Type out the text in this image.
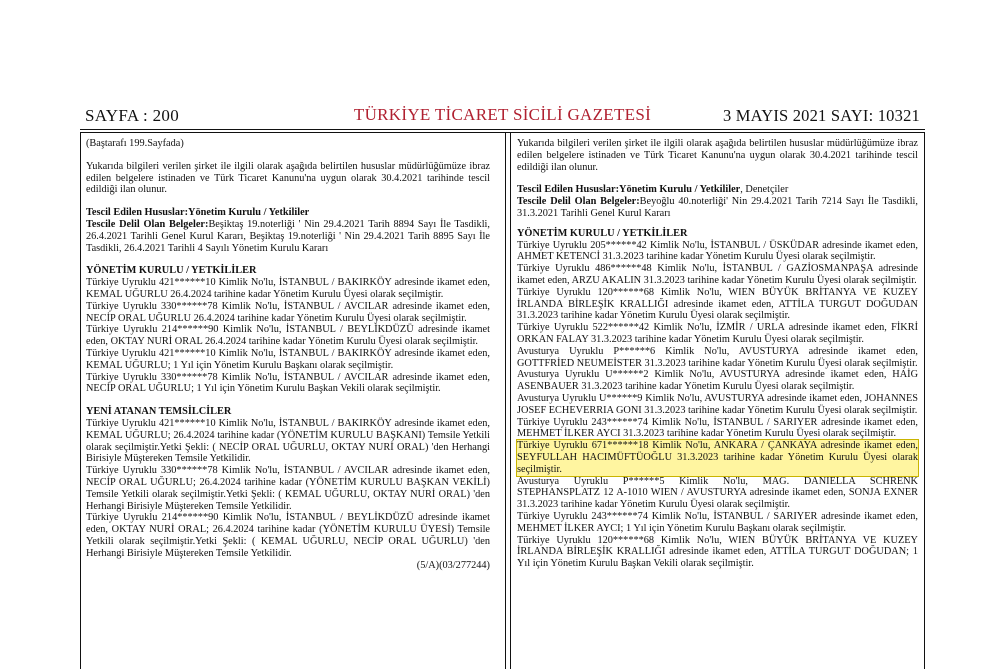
TÜRKİYE TİCARET SİCİLİ GAZETESİ
SAYFA : 200	3 MAYIS 2021 SAYI: 10321

(Baştarafı 199.Sayfada)

Yukarıda bilgileri verilen şirket ile ilgili olarak aşağıda belirtilen hususlar müdürlüğümüze ibraz edilen belgelere istinaden ve Türk Ticaret Kanunu'na uygun olarak 30.4.2021 tarihinde tescil edildiği ilan olunur.

Tescil Edilen Hususlar:Yönetim Kurulu / Yetkililer

Tescile Delil Olan Belgeler:Beşiktaş 19.noterliği ' Nin 29.4.2021 Tarih 8894 Sayı İle Tasdikli, 26.4.2021 Tarihli Genel Kurul Kararı, Beşiktaş 19.noterliği ' Nin 29.4.2021 Tarih 8895 Sayı İle Tasdikli, 26.4.2021 Tarihli 4 Sayılı Yönetim Kurulu Kararı

YÖNETİM KURULU / YETKİLİLER

Türkiye Uyruklu 421******10 Kimlik No'lu, İSTANBUL / BAKIRKÖY adresinde ikamet eden, KEMAL UĞURLU 26.4.2024 tarihine kadar Yönetim Kurulu Üyesi olarak seçilmiştir.

Türkiye Uyruklu 330******78 Kimlik No'lu, İSTANBUL / AVCILAR adresinde ikamet eden, NECİP ORAL UĞURLU 26.4.2024 tarihine kadar Yönetim Kurulu Üyesi olarak seçilmiştir.

Türkiye Uyruklu 214******90 Kimlik No'lu, İSTANBUL / BEYLİKDÜZÜ adresinde ikamet eden, OKTAY NURİ ORAL 26.4.2024 tarihine kadar Yönetim Kurulu Üyesi olarak seçilmiştir.

Türkiye Uyruklu 421******10 Kimlik No'lu, İSTANBUL / BAKIRKÖY adresinde ikamet eden, KEMAL UĞURLU; 1 Yıl için Yönetim Kurulu Başkanı olarak seçilmiştir.

Türkiye Uyruklu 330******78 Kimlik No'lu, İSTANBUL / AVCILAR adresinde ikamet eden, NECİP ORAL UĞURLU; 1 Yıl için Yönetim Kurulu Başkan Vekili olarak seçilmiştir.

YENİ ATANAN TEMSİLCİLER

Türkiye Uyruklu 421******10 Kimlik No'lu, İSTANBUL / BAKIRKÖY adresinde ikamet eden, KEMAL UĞURLU; 26.4.2024 tarihine kadar (YÖNETİM KURULU BAŞKANI) Temsile Yetkili olarak seçilmiştir.Yetki Şekli: ( NECİP ORAL UĞURLU, OKTAY NURİ ORAL) 'den Herhangi Birisiyle Müştereken Temsile Yetkilidir.

Türkiye Uyruklu 330******78 Kimlik No'lu, İSTANBUL / AVCILAR adresinde ikamet eden, NECİP ORAL UĞURLU; 26.4.2024 tarihine kadar (YÖNETİM KURULU BAŞKAN VEKİLİ) Temsile Yetkili olarak seçilmiştir.Yetki Şekli: ( KEMAL UĞURLU, OKTAY NURİ ORAL) 'den Herhangi Birisiyle Müştereken Temsile Yetkilidir.

Türkiye Uyruklu 214******90 Kimlik No'lu, İSTANBUL / BEYLİKDÜZÜ adresinde ikamet eden, OKTAY NURİ ORAL; 26.4.2024 tarihine kadar (YÖNETİM KURULU ÜYESİ) Temsile Yetkili olarak seçilmiştir.Yetki Şekli: ( KEMAL UĞURLU, NECİP ORAL UĞURLU) 'den Herhangi Birisiyle Müştereken Temsile Yetkilidir.

(5/A)(03/277244)

Yukarıda bilgileri verilen şirket ile ilgili olarak aşağıda belirtilen hususlar müdürlüğümüze ibraz edilen belgelere istinaden ve Türk Ticaret Kanunu'na uygun olarak 30.4.2021 tarihinde tescil edildiği ilan olunur.

Tescil Edilen Hususlar:Yönetim Kurulu / Yetkililer, Denetçiler

Tescile Delil Olan Belgeler:Beyoğlu 40.noterliği' Nin 29.4.2021 Tarih 7214 Sayı İle Tasdikli, 31.3.2021 Tarihli Genel Kurul Kararı

YÖNETİM KURULU / YETKİLİLER

Türkiye Uyruklu 205******42 Kimlik No'lu, İSTANBUL / ÜSKÜDAR adresinde ikamet eden, AHMET KETENCİ 31.3.2023 tarihine kadar Yönetim Kurulu Üyesi olarak seçilmiştir.

Türkiye Uyruklu 486******48 Kimlik No'lu, İSTANBUL / GAZİOSMANPAŞA adresinde ikamet eden, ARZU AKALIN 31.3.2023 tarihine kadar Yönetim Kurulu Üyesi olarak seçilmiştir.

Türkiye Uyruklu 120******68 Kimlik No'lu, WIEN BÜYÜK BRİTANYA VE KUZEY İRLANDA BİRLEŞİK KRALLIĞI adresinde ikamet eden, ATTİLA TURGUT DOĞUDAN 31.3.2023 tarihine kadar Yönetim Kurulu Üyesi olarak seçilmiştir.

Türkiye Uyruklu 522******42 Kimlik No'lu, İZMİR / URLA adresinde ikamet eden, FİKRİ ORKAN FALAY 31.3.2023 tarihine kadar Yönetim Kurulu Üyesi olarak seçilmiştir.

Avusturya Uyruklu P******6 Kimlik No'lu, AVUSTURYA adresinde ikamet eden, GOTTFRİED NEUMEİSTER 31.3.2023 tarihine kadar Yönetim Kurulu Üyesi olarak seçilmiştir.

Avusturya Uyruklu U******2 Kimlik No'lu, AVUSTURYA adresinde ikamet eden, HAİG ASENBAUER 31.3.2023 tarihine kadar Yönetim Kurulu Üyesi olarak seçilmiştir.

Avusturya Uyruklu U******9 Kimlik No'lu, AVUSTURYA adresinde ikamet eden, JOHANNES JOSEF ECHEVERRIA GONI 31.3.2023 tarihine kadar Yönetim Kurulu Üyesi olarak seçilmiştir.

Türkiye Uyruklu 243******74 Kimlik No'lu, İSTANBUL / SARIYER adresinde ikamet eden, MEHMET İLKER AYCI 31.3.2023 tarihine kadar Yönetim Kurulu Üyesi olarak seçilmiştir.

Türkiye Uyruklu 671******18 Kimlik No'lu, ANKARA / ÇANKAYA adresinde ikamet eden, SEYFULLAH HACIMÜFTÜOĞLU 31.3.2023 tarihine kadar Yönetim Kurulu Üyesi olarak seçilmiştir.

Avusturya Uyruklu P******5 Kimlik No'lu, MAG. DANIELLA SCHRENK STEPHANSPLATZ 12 A-1010 WIEN / AVUSTURYA adresinde ikamet eden, SONJA EXNER 31.3.2023 tarihine kadar Yönetim Kurulu Üyesi olarak seçilmiştir.

Türkiye Uyruklu 243******74 Kimlik No'lu, İSTANBUL / SARIYER adresinde ikamet eden, MEHMET İLKER AYCI; 1 Yıl için Yönetim Kurulu Başkanı olarak seçilmiştir.

Türkiye Uyruklu 120******68 Kimlik No'lu, WIEN BÜYÜK BRİTANYA VE KUZEY İRLANDA BİRLEŞİK KRALLIĞI adresinde ikamet eden, ATTİLA TURGUT DOĞUDAN; 1 Yıl için Yönetim Kurulu Başkan Vekili olarak seçilmiştir.
